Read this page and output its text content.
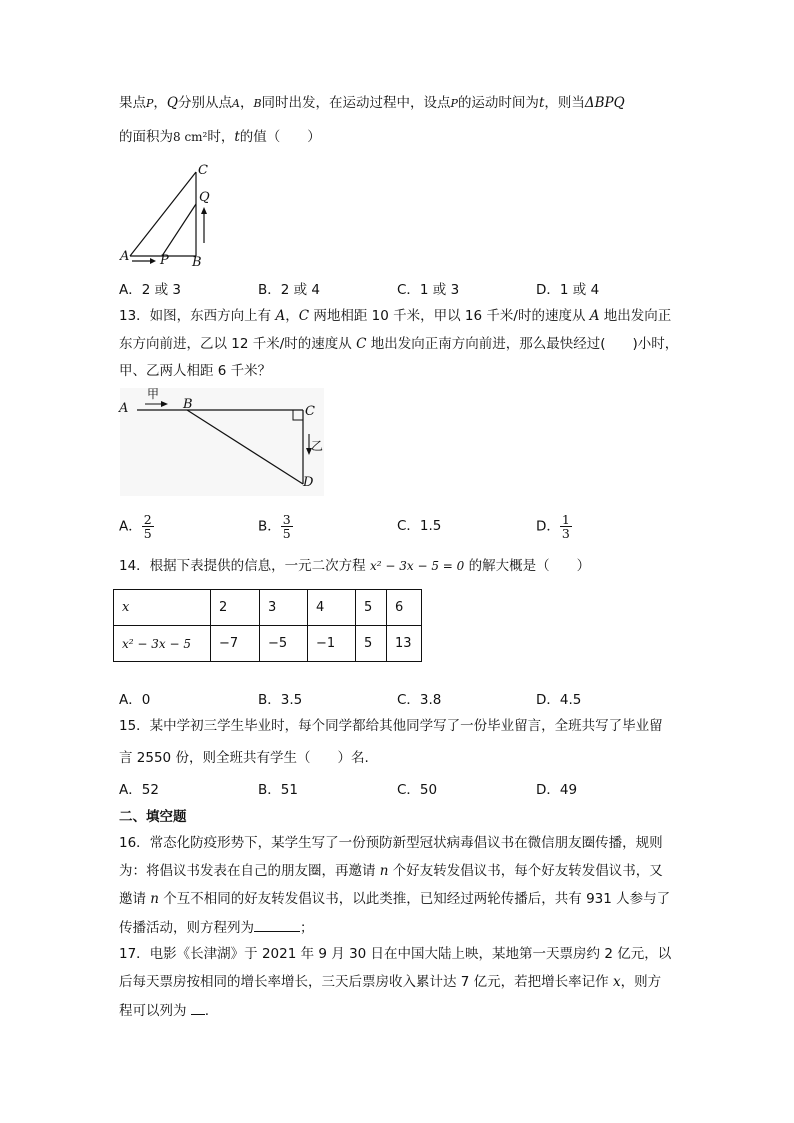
果点P，Q分别从点A，B同时出发，在运动过程中，设点P的运动时间为t，则当ΔBPQ
的面积为8 cm²时，t的值（　　）
C
Q
A P B
A．2 或 3	B．2 或 4	C．1 或 3	D．1 或 4
13．如图，东西方向上有 A，C 两地相距 10 千米，甲以 16 千米/时的速度从 A 地出发向正
东方向前进，乙以 12 千米/时的速度从 C 地出发向正南方向前进，那么最快经过(　　)小时，
甲、乙两人相距 6 千米？
A
甲
B	C
乙
D
A． $\frac{2}{5}$	B． $\frac{3}{5}$	C．1.5	D． $\frac{1}{3}$
14．根据下表提供的信息，一元二次方程 x² − 3x − 5 = 0 的解大概是（　　）
x	2	3	4	5	6
x² − 3x − 5	−7	−5	−1	5	13
A．0	B．3.5	C．3.8	D．4.5
15．某中学初三学生毕业时，每个同学都给其他同学写了一份毕业留言，全班共写了毕业留
言 2550 份，则全班共有学生（　　）名.
A．52	B．51	C．50	D．49
二、填空题
16．常态化防疫形势下，某学生写了一份预防新型冠状病毒倡议书在微信朋友圈传播，规则
为：将倡议书发表在自己的朋友圈，再邀请 n 个好友转发倡议书，每个好友转发倡议书，又
邀请 n 个互不相同的好友转发倡议书，以此类推，已知经过两轮传播后，共有 931 人参与了
传播活动，则方程列为	；
17．电影《长津湖》于 2021 年 9 月 30 日在中国大陆上映，某地第一天票房约 2 亿元，以
后每天票房按相同的增长率增长，三天后票房收入累计达 7 亿元，若把增长率记作 x，则方
程可以列为 .
